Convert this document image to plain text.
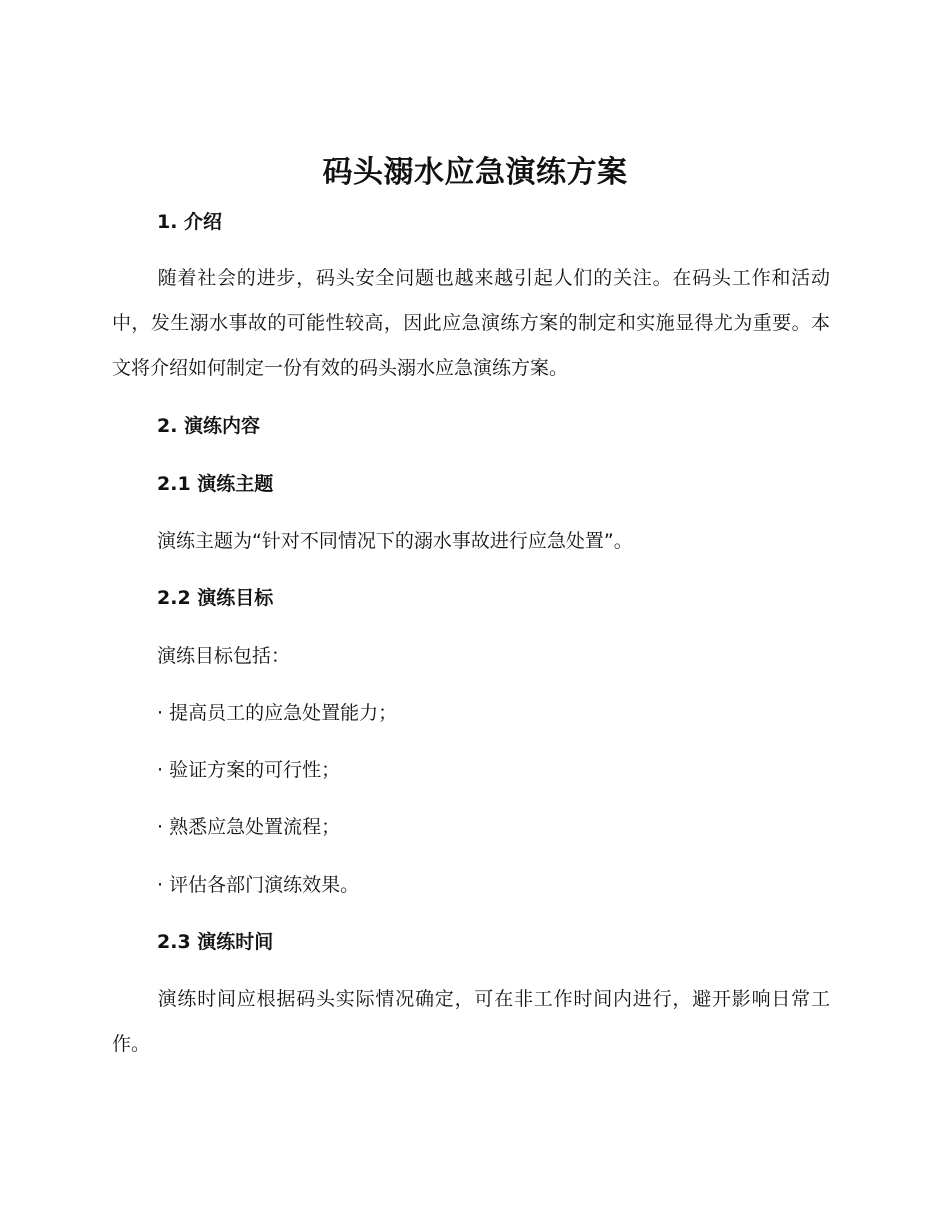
码头溺水应急演练方案
1. 介绍

随着社会的进步，码头安全问题也越来越引起人们的关注。在码头工作和活动中，发生溺水事故的可能性较高，因此应急演练方案的制定和实施显得尤为重要。本文将介绍如何制定一份有效的码头溺水应急演练方案。

2. 演练内容
2.1 演练主题

演练主题为“针对不同情况下的溺水事故进行应急处置”。

2.2 演练目标

演练目标包括：

· 提高员工的应急处置能力；

· 验证方案的可行性；

· 熟悉应急处置流程；

· 评估各部门演练效果。

2.3 演练时间

演练时间应根据码头实际情况确定，可在非工作时间内进行，避开影响日常工作。
